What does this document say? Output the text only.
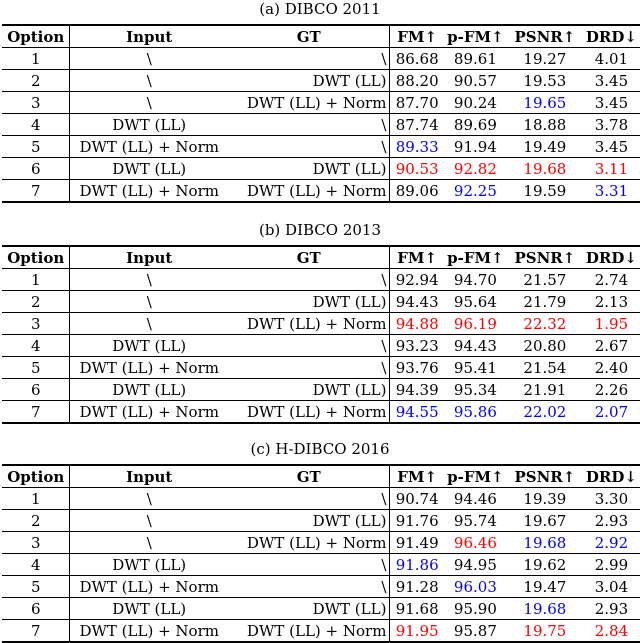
(a) DIBCO 2011
Option	Input	GT	FM↑	p-FM↑	PSNR↑	DRD↓
1	\	\	86.68	89.61	19.27	4.01
2	\	DWT (LL)	88.20	90.57	19.53	3.45
3	\	DWT (LL) + Norm	87.70	90.24	19.65	3.45
4	DWT (LL)	\	87.74	89.69	18.88	3.78
5	DWT (LL) + Norm	\	89.33	91.94	19.49	3.45
6	DWT (LL)	DWT (LL)	90.53	92.82	19.68	3.11
7	DWT (LL) + Norm	DWT (LL) + Norm	89.06	92.25	19.59	3.31
(b) DIBCO 2013
Option	Input	GT	FM↑	p-FM↑	PSNR↑	DRD↓
1	\	\	92.94	94.70	21.57	2.74
2	\	DWT (LL)	94.43	95.64	21.79	2.13
3	\	DWT (LL) + Norm	94.88	96.19	22.32	1.95
4	DWT (LL)	\	93.23	94.43	20.80	2.67
5	DWT (LL) + Norm	\	93.76	95.41	21.54	2.40
6	DWT (LL)	DWT (LL)	94.39	95.34	21.91	2.26
7	DWT (LL) + Norm	DWT (LL) + Norm	94.55	95.86	22.02	2.07
(c) H-DIBCO 2016
Option	Input	GT	FM↑	p-FM↑	PSNR↑	DRD↓
1	\	\	90.74	94.46	19.39	3.30
2	\	DWT (LL)	91.76	95.74	19.67	2.93
3	\	DWT (LL) + Norm	91.49	96.46	19.68	2.92
4	DWT (LL)	\	91.86	94.95	19.62	2.99
5	DWT (LL) + Norm	\	91.28	96.03	19.47	3.04
6	DWT (LL)	DWT (LL)	91.68	95.90	19.68	2.93
7	DWT (LL) + Norm	DWT (LL) + Norm	91.95	95.87	19.75	2.84
